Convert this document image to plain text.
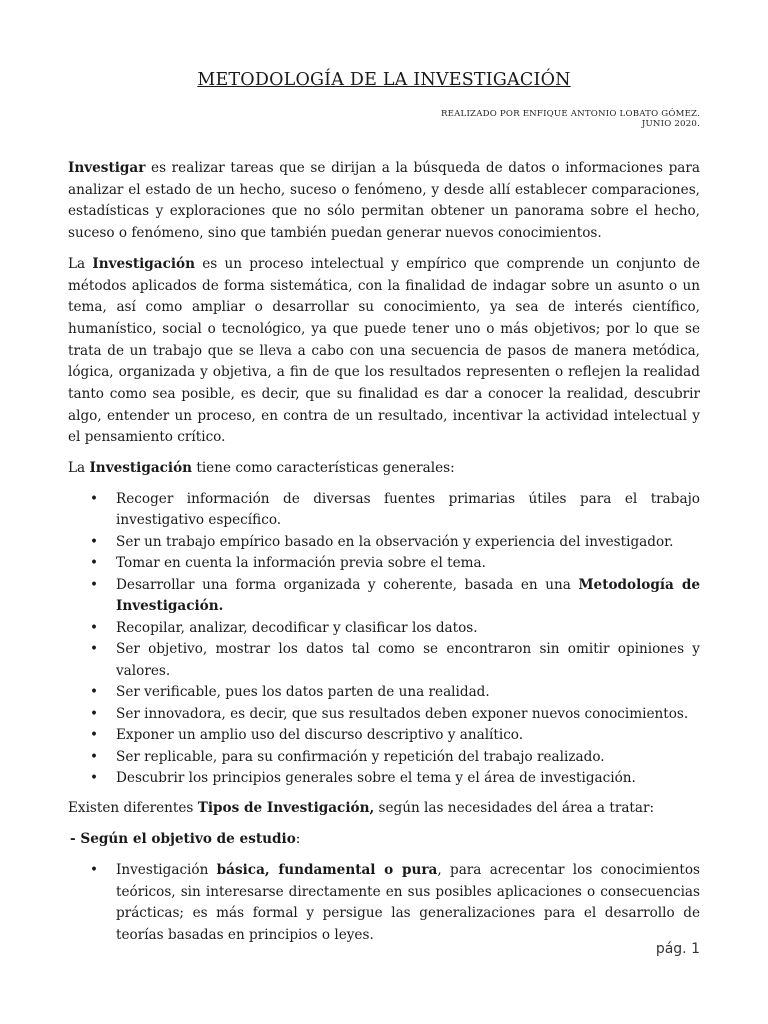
METODOLOGÍA DE LA INVESTIGACIÓN
REALIZADO POR ENFIQUE ANTONIO LOBATO GÓMEZ.
JUNIO 2020.

Investigar es realizar tareas que se dirijan a la búsqueda de datos o informaciones para analizar el estado de un hecho, suceso o fenómeno, y desde allí establecer comparaciones, estadísticas y exploraciones que no sólo permitan obtener un panorama sobre el hecho, suceso o fenómeno, sino que también puedan generar nuevos conocimientos.

La Investigación es un proceso intelectual y empírico que comprende un conjunto de métodos aplicados de forma sistemática, con la finalidad de indagar sobre un asunto o un tema, así como ampliar o desarrollar su conocimiento, ya sea de interés científico, humanístico, social o tecnológico, ya que puede tener uno o más objetivos; por lo que se trata de un trabajo que se lleva a cabo con una secuencia de pasos de manera metódica, lógica, organizada y objetiva, a fin de que los resultados representen o reflejen la realidad tanto como sea posible, es decir, que su finalidad es dar a conocer la realidad, descubrir algo, entender un proceso, en contra de un resultado, incentivar la actividad intelectual y el pensamiento crítico.

La Investigación tiene como características generales:

• Recoger información de diversas fuentes primarias útiles para el trabajo investigativo específico.
• Ser un trabajo empírico basado en la observación y experiencia del investigador.
• Tomar en cuenta la información previa sobre el tema.
• Desarrollar una forma organizada y coherente, basada en una Metodología de Investigación.
• Recopilar, analizar, decodificar y clasificar los datos.
• Ser objetivo, mostrar los datos tal como se encontraron sin omitir opiniones y valores.
• Ser verificable, pues los datos parten de una realidad.
• Ser innovadora, es decir, que sus resultados deben exponer nuevos conocimientos.
• Exponer un amplio uso del discurso descriptivo y analítico.
• Ser replicable, para su confirmación y repetición del trabajo realizado.
• Descubrir los principios generales sobre el tema y el área de investigación.

Existen diferentes Tipos de Investigación, según las necesidades del área a tratar:

- Según el objetivo de estudio:
• Investigación básica, fundamental o pura, para acrecentar los conocimientos teóricos, sin interesarse directamente en sus posibles aplicaciones o consecuencias prácticas; es más formal y persigue las generalizaciones para el desarrollo de teorías basadas en principios o leyes.
pág. 1
